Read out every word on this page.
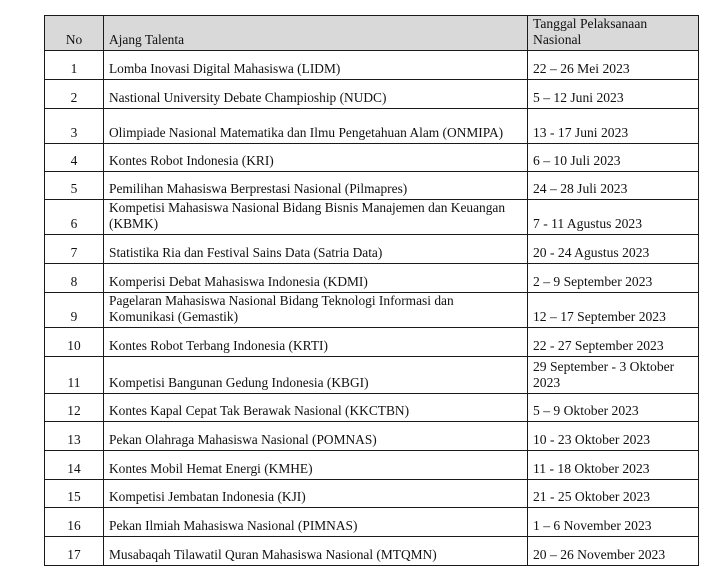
No	Ajang Talenta	Tanggal Pelaksanaan Nasional
1	Lomba Inovasi Digital Mahasiswa (LIDM)	22 – 26 Mei 2023
2	Nastional University Debate Champioship (NUDC)	5 – 12 Juni 2023
3	Olimpiade Nasional Matematika dan Ilmu Pengetahuan Alam (ONMIPA)	13 - 17 Juni 2023
4	Kontes Robot Indonesia (KRI)	6 – 10 Juli 2023
5	Pemilihan Mahasiswa Berprestasi Nasional (Pilmapres)	24 – 28 Juli 2023
6	Kompetisi Mahasiswa Nasional Bidang Bisnis Manajemen dan Keuangan (KBMK)	7 - 11 Agustus 2023
7	Statistika Ria dan Festival Sains Data (Satria Data)	20 - 24 Agustus 2023
8	Komperisi Debat Mahasiswa Indonesia (KDMI)	2 – 9 September 2023
9	Pagelaran Mahasiswa Nasional Bidang Teknologi Informasi dan Komunikasi (Gemastik)	12 – 17 September 2023
10	Kontes Robot Terbang Indonesia (KRTI)	22 - 27 September 2023
11	Kompetisi Bangunan Gedung Indonesia (KBGI)	29 September - 3 Oktober 2023
12	Kontes Kapal Cepat Tak Berawak Nasional (KKCTBN)	5 – 9 Oktober 2023
13	Pekan Olahraga Mahasiswa Nasional (POMNAS)	10 - 23 Oktober 2023
14	Kontes Mobil Hemat Energi (KMHE)	11 - 18 Oktober 2023
15	Kompetisi Jembatan Indonesia (KJI)	21 - 25 Oktober 2023
16	Pekan Ilmiah Mahasiswa Nasional (PIMNAS)	1 – 6 November 2023
17	Musabaqah Tilawatil Quran Mahasiswa Nasional (MTQMN)	20 – 26 November 2023
